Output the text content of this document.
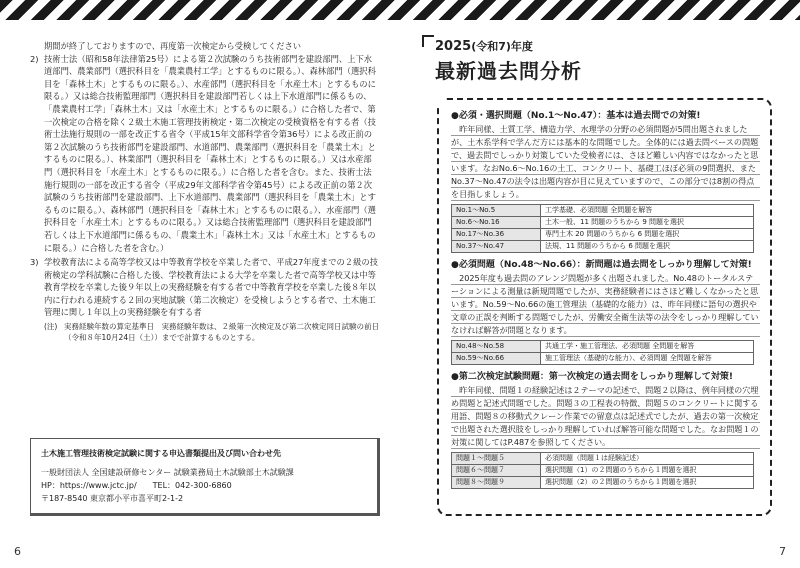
期間が終了しておりますので、再度第一次検定から受検してください

2) 技術士法（昭和58年法律第25号）による第２次試験のうち技術部門を建設部門、上下水道部門、農業部門（選択科目を「農業農村工学」とするものに限る。）、森林部門（選択科目を「森林土木」とするものに限る。）、水産部門（選択科目を「水産土木」とするものに限る。）又は総合技術監理部門（選択科目を建設部門若しくは上下水道部門に係るもの、「農業農村工学」「森林土木」又は「水産土木」とするものに限る。）に合格した者で、第一次検定の合格を除く２級土木施工管理技術検定・第二次検定の受検資格を有する者（技術士法施行規則の一部を改正する省令（平成15年文部科学省令第36号）による改正前の第２次試験のうち技術部門を建設部門、水道部門、農業部門（選択科目を「農業土木」とするものに限る。）、林業部門（選択科目を「森林土木」とするものに限る。）又は水産部門（選択科目を「水産土木」とするものに限る。）に合格した者を含む。また、技術士法施行規則の一部を改正する省令（平成29年文部科学省令第45号）による改正前の第２次試験のうち技術部門を建設部門、上下水道部門、農業部門（選択科目を「農業土木」とするものに限る。）、森林部門（選択科目を「森林土木」とするものに限る。）、水産部門（選択科目を「水産土木」とするものに限る。）又は総合技術監理部門（選択科目を建設部門若しくは上下水道部門に係るもの、「農業土木」「森林土木」又は「水産土木」とするものに限る。）に合格した者を含む。）
3) 学校教育法による高等学校又は中等教育学校を卒業した者で、平成27年度までの２級の技術検定の学科試験に合格した後、学校教育法による大学を卒業した者で高等学校又は中等教育学校を卒業した後９年以上の実務経験を有する者で中等教育学校を卒業した後８年以内に行われる連続する２回の実地試験（第二次検定）を受検しようとする者で、土木施工管理に関し１年以上の実務経験を有する者
(注) 実務経験年数の算定基準日　実務経験年数は、２級第一次検定及び第二次検定同日試験の前日（令和８年10月24日（土））までで計算するものとする。
土木施工管理技術検定試験に関する申込書類提出及び問い合わせ先
一般財団法人 全国建設研修センター 試験業務局土木試験部土木試験課
HP：https://www.jctc.jp/　　TEL：042-300-6860
〒187-8540 東京都小平市喜平町2-1-2
6
2025(令和7)年度
最新過去問分析
●必須・選択問題（No.1〜No.47）：基本は過去問での対策!
昨年同様、土質工学、構造力学、水理学の分野の必須問題が5問出題されましたが、土木系学科で学んだ方には基本的な問題でした。全体的には過去問ベースの問題で、過去問でしっかり対策していた受検者には、さほど難しい内容ではなかったと思います。なおNo.6〜No.16の土工、コンクリート、基礎工ほぼ必須の9問選択、また No.37〜No.47の法令は出題内容が目に見えていますので、この部分では8割の得点を目指しましょう。
No.1〜No.5	工学基礎、必須問題 全問題を解答
No.6〜No.16	土木一般、11 問題のうちから 9 問題を選択
No.17〜No.36	専門土木 20 問題のうちから 6 問題を選択
No.37〜No.47	法規、11 問題のうちから 6 問題を選択
●必須問題（No.48〜No.66）：新問題は過去問をしっかり理解して対策!
2025年度も過去問のアレンジ問題が多く出題されました。No.48のトータルステーションによる測量は新規問題でしたが、実務経験者にはさほど難しくなかったと思います。No.59〜No.66の施工管理法（基礎的な能力）は、昨年同様に語句の選択や文章の正誤を判断する問題でしたが、労働安全衛生法等の法令をしっかり理解していなければ解答が問題となります。
No.48〜No.58	共通工学・施工管理法、必須問題 全問題を解答
No.59〜No.66	施工管理法（基礎的な能力）、必須問題 全問題を解答
●第二次検定試験問題：第一次検定の過去問をしっかり理解して対策!
昨年同様、問題１の経験記述は２テーマの記述で、問題２以降は、例年同様の穴埋め問題と記述式問題でした。問題３の工程表の特徴、問題５のコンクリートに関する用語、問題８の移動式クレーン作業での留意点は記述式でしたが、過去の第一次検定で出題された選択肢をしっかり理解していれば解答可能な問題でした。なお問題１の対策に関してはP.487を参照してください。
問題１〜問題５	必須問題（問題１は経験記述）
問題６〜問題７	選択問題（1）の２問題のうちから１問題を選択
問題８〜問題９	選択問題（2）の２問題のうちから１問題を選択
7
